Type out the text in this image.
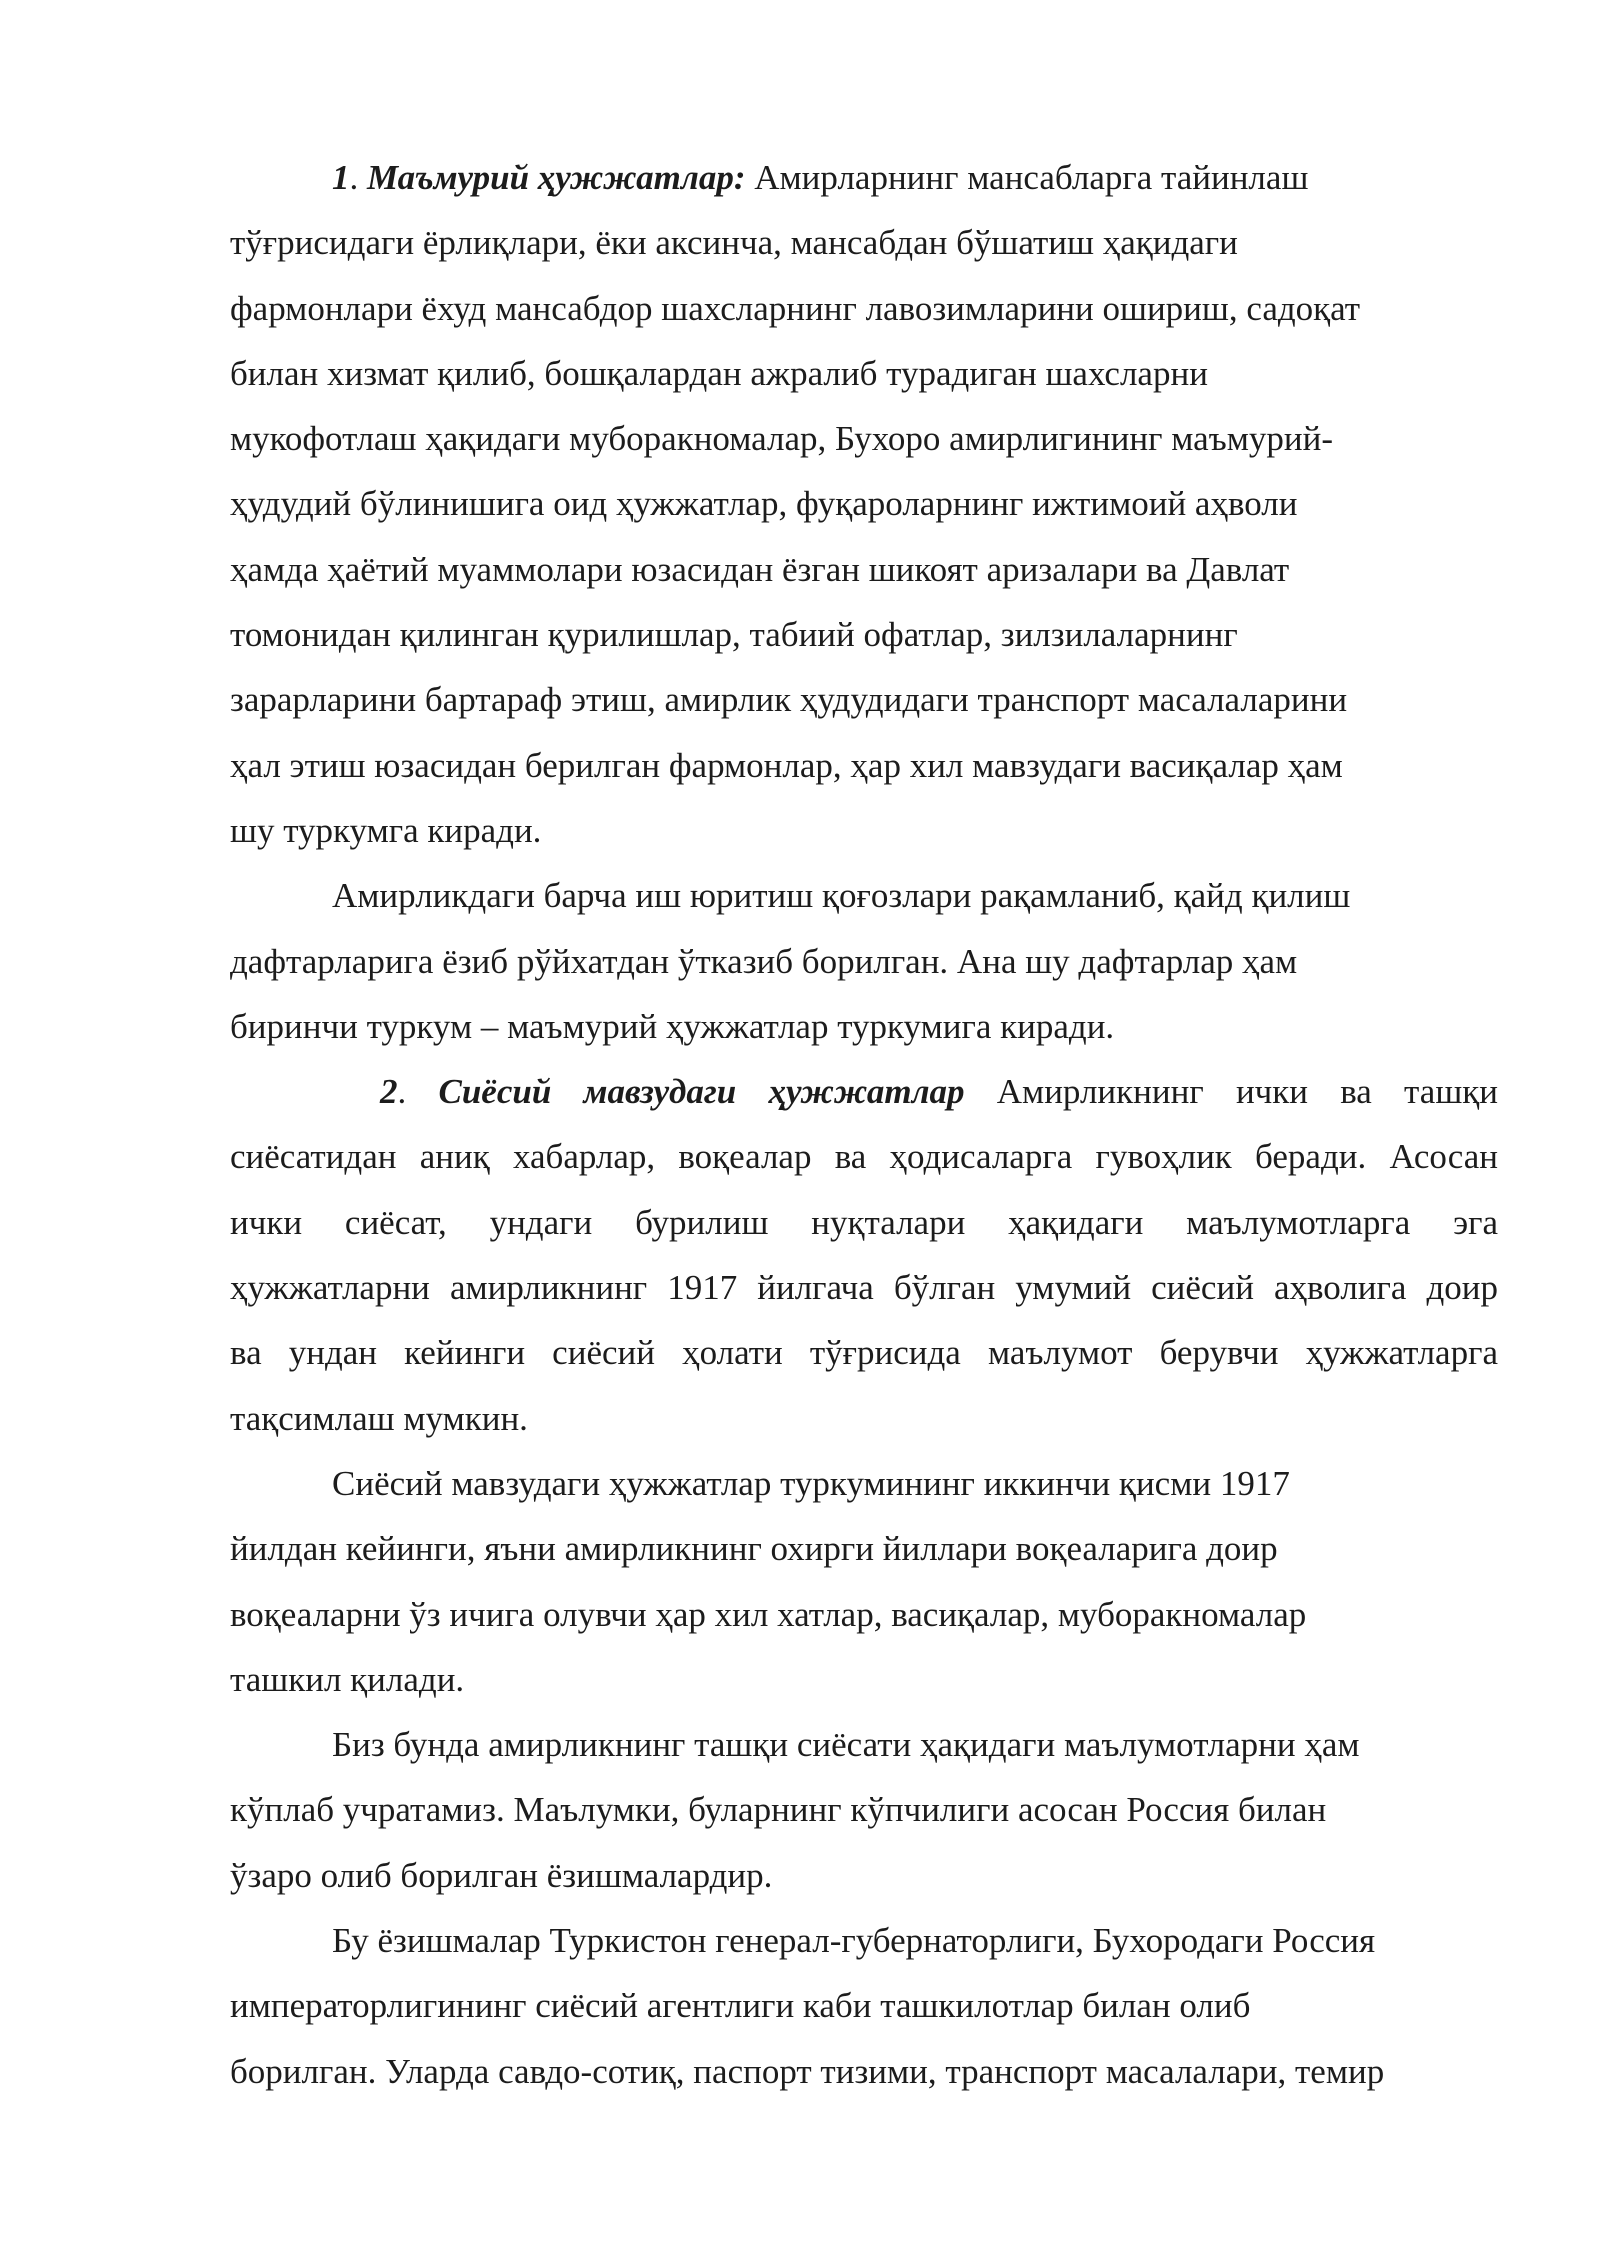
1. Маъмурий ҳужжатлар: Амирларнинг мансабларга тайинлаш
тўғрисидаги ёрлиқлари, ёки аксинча, мансабдан бўшатиш ҳақидаги
фармонлари ёхуд мансабдор шахсларнинг лавозимларини ошириш, садоқат
билан хизмат қилиб, бошқалардан ажралиб турадиган шахсларни
мукофотлаш ҳақидаги муборакномалар, Бухоро амирлигининг маъмурий-
ҳудудий бўлинишига оид ҳужжатлар, фуқароларнинг ижтимоий аҳволи
ҳамда ҳаётий муаммолари юзасидан ёзган шикоят аризалари ва Давлат
томонидан қилинган қурилишлар, табиий офатлар, зилзилаларнинг
зарарларини бартараф этиш, амирлик ҳудудидаги транспорт масалаларини
ҳал этиш юзасидан берилган фармонлар, ҳар хил мавзудаги васиқалар ҳам
шу туркумга киради.
Амирликдаги барча иш юритиш қоғозлари рақамланиб, қайд қилиш
дафтарларига ёзиб рўйхатдан ўтказиб борилган. Ана шу дафтарлар ҳам
биринчи туркум – маъмурий ҳужжатлар туркумига киради.
2. Сиёсий мавзудаги ҳужжатлар Амирликнинг ички ва ташқи
сиёсатидан аниқ хабарлар, воқеалар ва ҳодисаларга гувоҳлик беради. Асосан
ички сиёсат, ундаги бурилиш нуқталари ҳақидаги маълумотларга эга
ҳужжатларни амирликнинг 1917 йилгача бўлган умумий сиёсий аҳволига доир
ва ундан кейинги сиёсий ҳолати тўғрисида маълумот берувчи ҳужжатларга
тақсимлаш мумкин.
Сиёсий мавзудаги ҳужжатлар туркумининг иккинчи қисми 1917
йилдан кейинги, яъни амирликнинг охирги йиллари воқеаларига доир
воқеаларни ўз ичига олувчи ҳар хил хатлар, васиқалар, муборакномалар
ташкил қилади.
Биз бунда амирликнинг ташқи сиёсати ҳақидаги маълумотларни ҳам
кўплаб учратамиз. Маълумки, буларнинг кўпчилиги асосан Россия билан
ўзаро олиб борилган ёзишмалардир.
Бу ёзишмалар Туркистон генерал-губернаторлиги, Бухородаги Россия
императорлигининг сиёсий агентлиги каби ташкилотлар билан олиб
борилган. Уларда савдо-сотиқ, паспорт тизими, транспорт масалалари, темир
